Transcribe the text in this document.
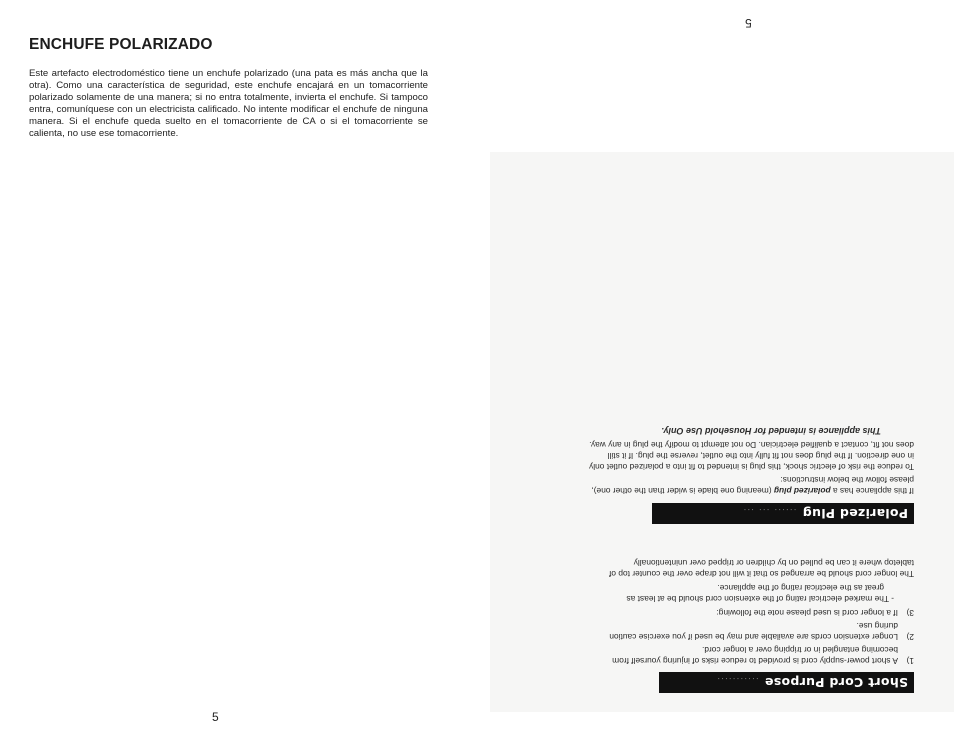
ENCHUFE POLARIZADO

Este artefacto electrodoméstico tiene un enchufe polarizado (una pata es más ancha que la otra). Como una característica de seguridad, este enchufe encajará en un tomacorriente polarizado solamente de una manera; si no entra totalmente, invierta el enchufe. Si tampoco entra, comuníquese con un electricista calificado. No intente modificar el enchufe de ninguna manera. Si el enchufe queda suelto en el tomacorriente de CA o si el tomacorriente se calienta, no use ese tomacorriente.

5
5
Short Cord Purpose...........
1)A short power-supply cord is provided to reduce risks of injuring yourself from
becoming entangled in or tripping over a longer cord.
2)Longer extension cords are available and may be used if you exercise caution
during use.
3)If a longer cord is used please note the following:
- The marked electrical rating of the extension cord should be at least as
great as the electrical rating of the appliance.
The longer cord should be arranged so that it will not drape over the counter top of
tabletop where it can be pulled on by children or tripped over unintentionally
Polarized Plug...... ... ...
If this appliance has a polarized plug (meaning one blade is wider than the other one),
please follow the below instructions:
To reduce the risk of electric shock, this plug is intended to fit into a polarized outlet only
in one direction. If the plug does not fit fully into the outlet, reverse the plug. If it still
does not fit, contact a qualified electrician. Do not attempt to modify the plug in any way.
This appliance is intended for Household Use Only.
